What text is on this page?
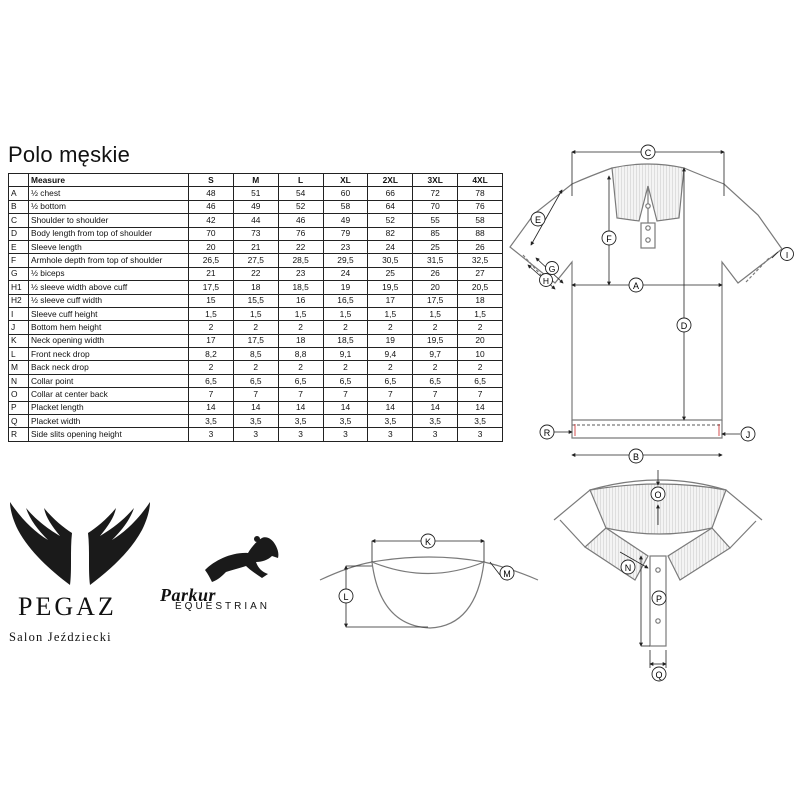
Polo męskie
	Measure	S	M	L	XL	2XL	3XL	4XL
A	½ chest	48	51	54	60	66	72	78
B	½ bottom	46	49	52	58	64	70	76
C	Shoulder to shoulder	42	44	46	49	52	55	58
D	Body length from top of shoulder	70	73	76	79	82	85	88
E	Sleeve length	20	21	22	23	24	25	26
F	Armhole depth from top of shoulder	26,5	27,5	28,5	29,5	30,5	31,5	32,5
G	½ biceps	21	22	23	24	25	26	27
H1	½ sleeve width above cuff	17,5	18	18,5	19	19,5	20	20,5
H2	½ sleeve cuff width	15	15,5	16	16,5	17	17,5	18
I	Sleeve cuff height	1,5	1,5	1,5	1,5	1,5	1,5	1,5
J	Bottom hem height	2	2	2	2	2	2	2
K	Neck opening width	17	17,5	18	18,5	19	19,5	20
L	Front neck drop	8,2	8,5	8,8	9,1	9,4	9,7	10
M	Back neck drop	2	2	2	2	2	2	2
N	Collar point	6,5	6,5	6,5	6,5	6,5	6,5	6,5
O	Collar at center back	7	7	7	7	7	7	7
P	Placket length	14	14	14	14	14	14	14
Q	Placket width	3,5	3,5	3,5	3,5	3,5	3,5	3,5
R	Side slits opening height	3	3	3	3	3	3	3
C
E
F
G
H
I
A
D
R	J
B
K
L
M
O
N
P
Q
PEGAZ
Salon Jeździecki
Parkur
EQUESTRIAN
